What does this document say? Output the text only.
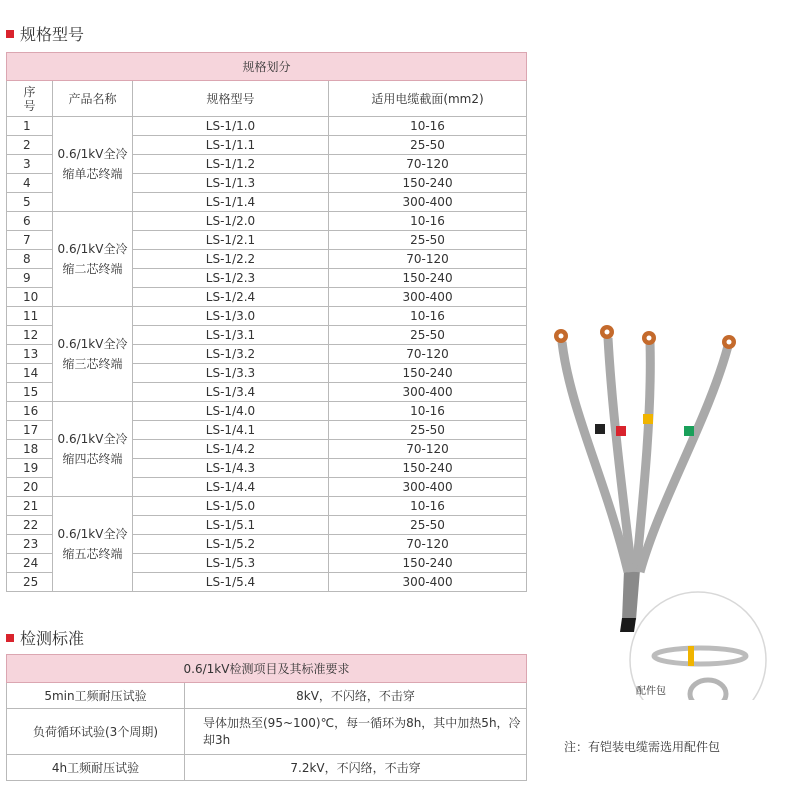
规格型号
规格划分			
序
号	产品名称	规格型号	适用电缆截面(mm2)
1	0.6/1kV全冷缩单芯终端	LS-1/1.0	10-16
2		LS-1/1.1	25-50
3		LS-1/1.2	70-120
4		LS-1/1.3	150-240
5		LS-1/1.4	300-400
6	0.6/1kV全冷缩二芯终端	LS-1/2.0	10-16
7		LS-1/2.1	25-50
8		LS-1/2.2	70-120
9		LS-1/2.3	150-240
10		LS-1/2.4	300-400
11	0.6/1kV全冷缩三芯终端	LS-1/3.0	10-16
12		LS-1/3.1	25-50
13		LS-1/3.2	70-120
14		LS-1/3.3	150-240
15		LS-1/3.4	300-400
16	0.6/1kV全冷缩四芯终端	LS-1/4.0	10-16
17		LS-1/4.1	25-50
18		LS-1/4.2	70-120
19		LS-1/4.3	150-240
20		LS-1/4.4	300-400
21	0.6/1kV全冷缩五芯终端	LS-1/5.0	10-16
22		LS-1/5.1	25-50
23		LS-1/5.2	70-120
24		LS-1/5.3	150-240
25		LS-1/5.4	300-400
检测标准
0.6/1kV检测项目及其标准要求	
5min工频耐压试验	8kV，不闪络，不击穿
负荷循环试验(3个周期)	导体加热至(95~100)℃，每一循环为8h，其中加热5h，冷却3h
4h工频耐压试验	7.2kV，不闪络，不击穿
配件包
注：有铠装电缆需选用配件包
